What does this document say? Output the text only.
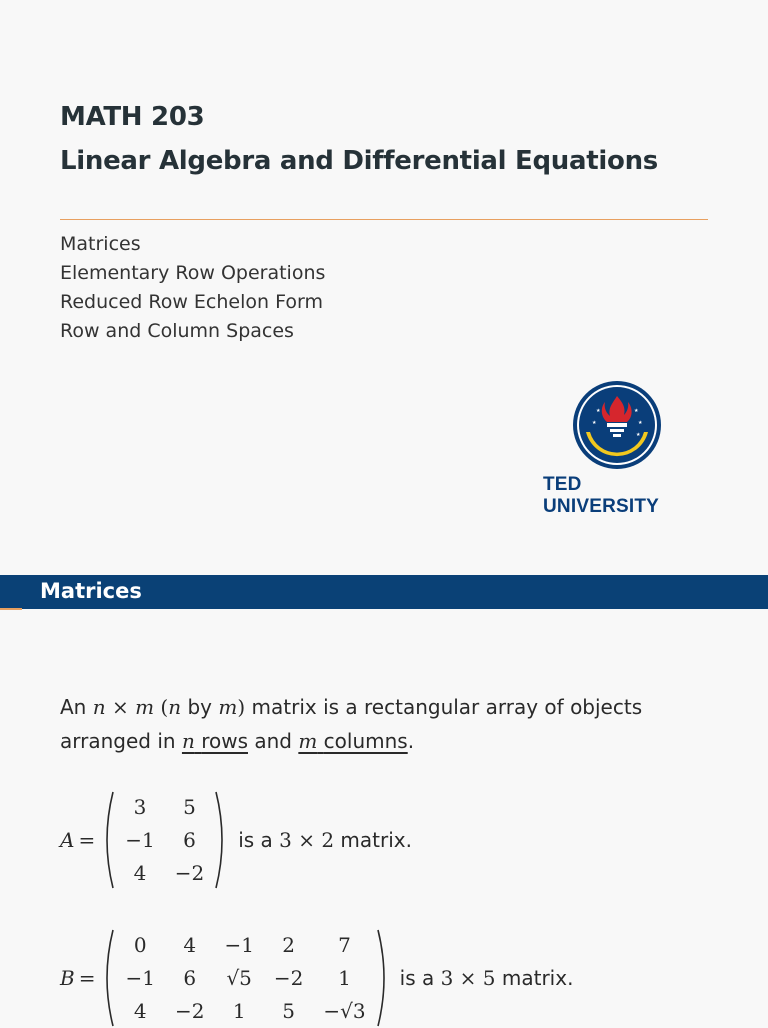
MATH 203
Linear Algebra and Differential Equations
Matrices
Elementary Row Operations
Reduced Row Echelon Form
Row and Column Spaces
★	★
★	★
★
TED UNIVERSITY
Matrices
An n × m (n by m) matrix is a rectangular array of objects
arranged in n rows and m columns.
A =
3	5
−1	6
4	−2
is a 3 × 2 matrix.
B =
0	4	−1	2	7
−1	6	√5	−2	1
4	−2	1	5	−√3
is a 3 × 5 matrix.
